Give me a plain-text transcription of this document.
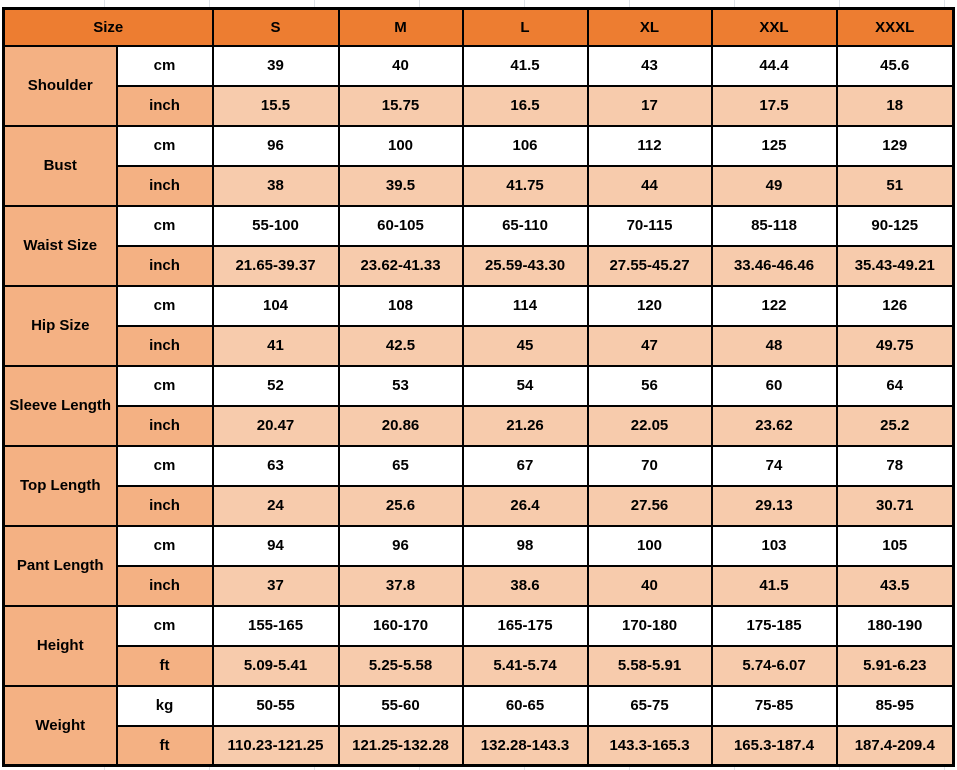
Size		S	M	L	XL	XXL	XXXL
Shoulder	cm	39	40	41.5	43	44.4	45.6
	inch	15.5	15.75	16.5	17	17.5	18
Bust	cm	96	100	106	112	125	129
	inch	38	39.5	41.75	44	49	51
Waist Size	cm	55-100	60-105	65-110	70-115	85-118	90-125
	inch	21.65-39.37	23.62-41.33	25.59-43.30	27.55-45.27	33.46-46.46	35.43-49.21
Hip Size	cm	104	108	114	120	122	126
	inch	41	42.5	45	47	48	49.75
Sleeve Length	cm	52	53	54	56	60	64
	inch	20.47	20.86	21.26	22.05	23.62	25.2
Top Length	cm	63	65	67	70	74	78
	inch	24	25.6	26.4	27.56	29.13	30.71
Pant Length	cm	94	96	98	100	103	105
	inch	37	37.8	38.6	40	41.5	43.5
Height	cm	155-165	160-170	165-175	170-180	175-185	180-190
	ft	5.09-5.41	5.25-5.58	5.41-5.74	5.58-5.91	5.74-6.07	5.91-6.23
Weight	kg	50-55	55-60	60-65	65-75	75-85	85-95
	ft	110.23-121.25	121.25-132.28	132.28-143.3	143.3-165.3	165.3-187.4	187.4-209.4
